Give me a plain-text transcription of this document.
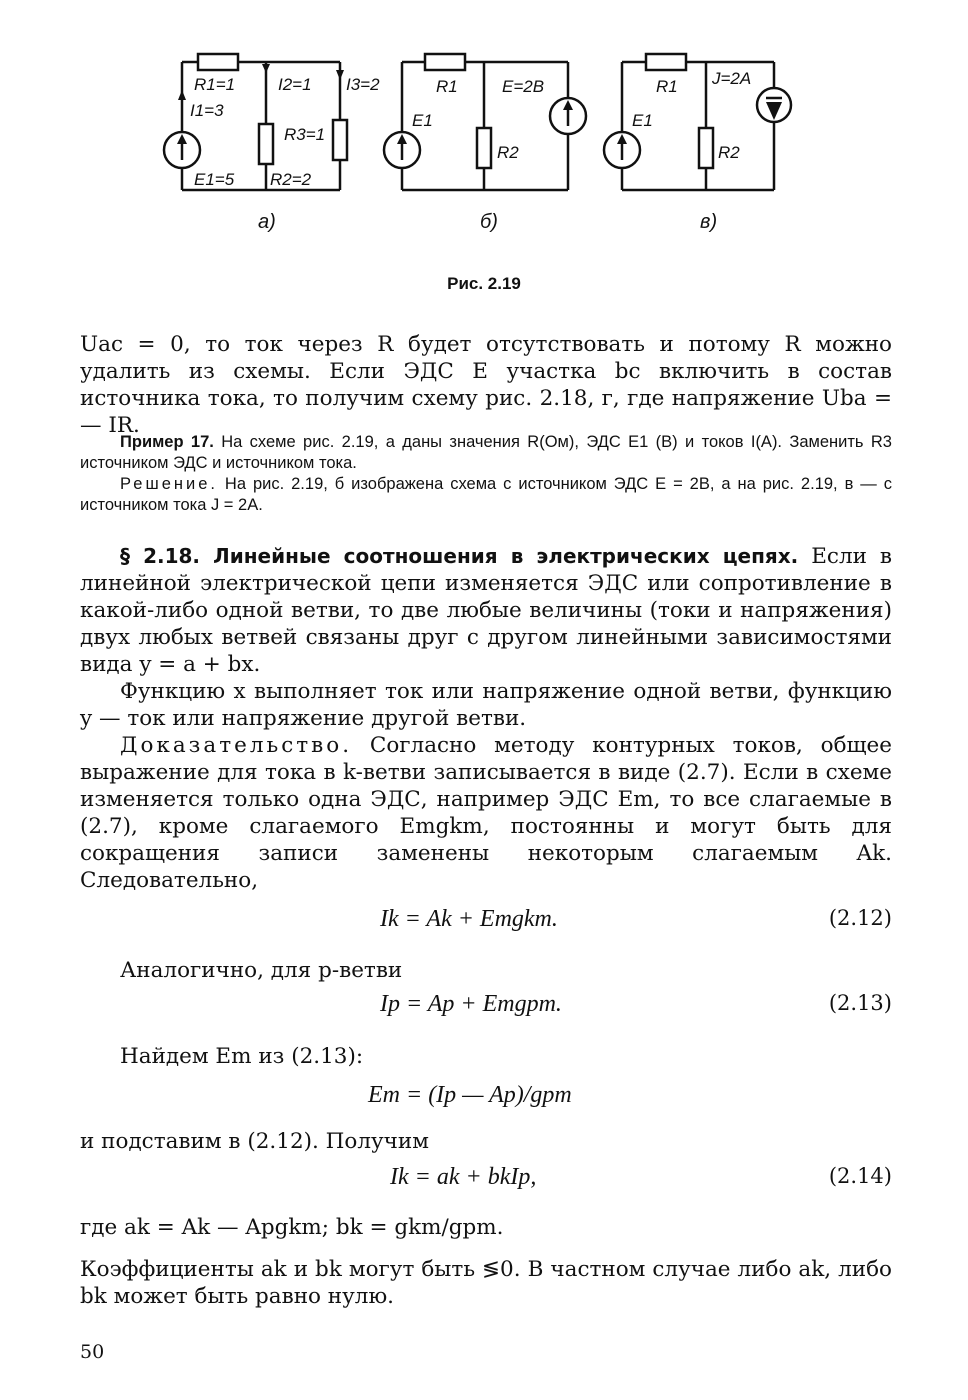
R1=1	I2=1 I3=2
I1=3
R3=1
E1=5 R2=2
а)
R1	E=2B
E1
R2
б)
R1 J=2A
E1
R2
в)
Рис. 2.19

Uac = 0, то ток через R будет отсутствовать и потому R можно удалить из схемы. Если ЭДС E участка bc включить в состав источника тока, то получим схему рис. 2.18, г, где напряжение Uba = — IR.

Пример 17. На схеме рис. 2.19, а даны значения R(Ом), ЭДС E1 (В) и токов I(А). Заменить R3 источником ЭДС и источником тока.

Решение. На рис. 2.19, б изображена схема с источником ЭДС E = 2В, а на рис. 2.19, в — с источником тока J = 2А.

§ 2.18. Линейные соотношения в электрических цепях. Если в линейной электрической цепи изменяется ЭДС или сопротивление в какой-либо одной ветви, то две любые величины (токи и напряжения) двух любых ветвей связаны друг с другом линейными зависимостями вида y = a + bx.

Функцию x выполняет ток или напряжение одной ветви, функцию y — ток или напряжение другой ветви.

Доказательство. Согласно методу контурных токов, общее выражение для тока в k-ветви записывается в виде (2.7). Если в схеме изменяется только одна ЭДС, например ЭДС Em, то все слагаемые в (2.7), кроме слагаемого Emgkm, постоянны и могут быть для сокращения записи заменены некоторым слагаемым Ak. Следовательно,

Ik = Ak + Emgkm.	(2.12)

Аналогично, для p-ветви

Ip = Ap + Emgpm.	(2.13)

Найдем Em из (2.13):

Em = (Ip — Ap)/gpm

и подставим в (2.12). Получим

Ik = ak + bkIp,	(2.14)

где ak = Ak — Apgkm; bk = gkm/gpm.

Коэффициенты ak и bk могут быть ≶0. В частном случае либо ak, либо bk может быть равно нулю.

50
